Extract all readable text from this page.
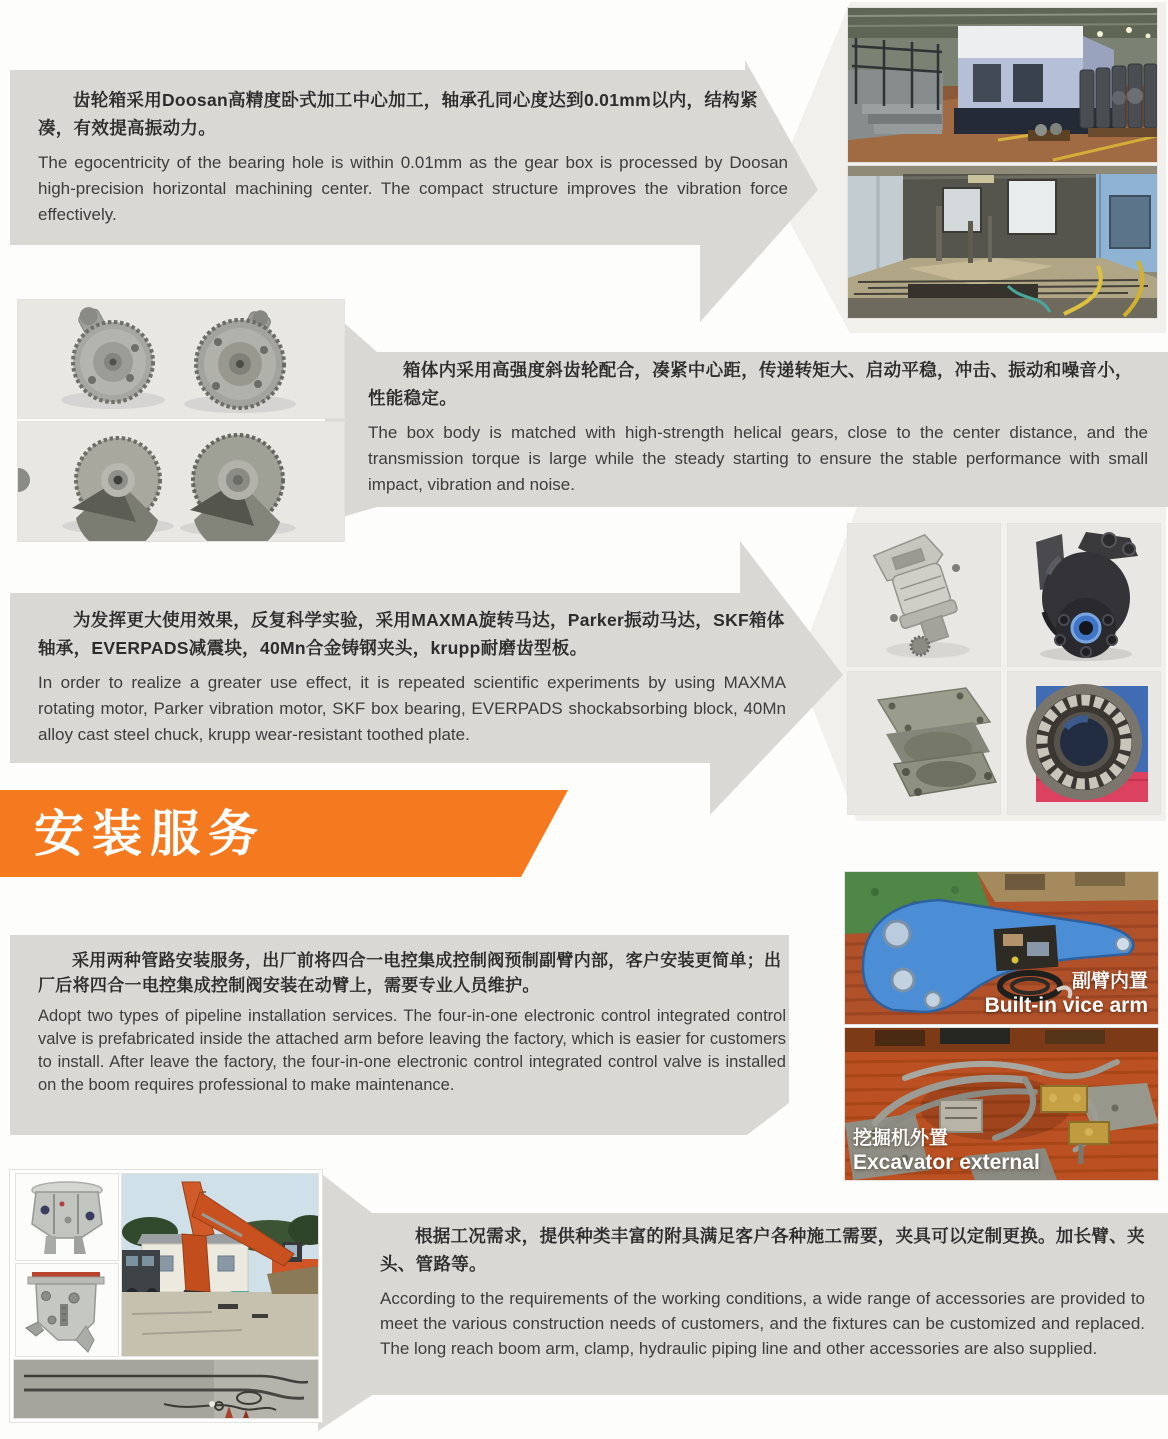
齿轮箱采用Doosan高精度卧式加工中心加工，轴承孔同心度达到0.01mm以内，结构紧凑，有效提高振动力。

The egocentricity of the bearing hole is within 0.01mm as the gear box is processed by Doosan high-precision horizontal machining center. The compact structure improves the vibration force effectively.

箱体内采用高强度斜齿轮配合，凑紧中心距，传递转矩大、启动平稳，冲击、振动和噪音小，性能稳定。

The box body is matched with high-strength helical gears, close to the center distance, and the transmission torque is large while the steady starting to ensure the stable performance with small impact, vibration and noise.

为发挥更大使用效果，反复科学实验，采用MAXMA旋转马达，Parker振动马达，SKF箱体轴承，EVERPADS减震块，40Mn合金铸钢夹头，krupp耐磨齿型板。

In order to realize a greater use effect, it is repeated scientific experiments by using MAXMA rotating motor, Parker vibration motor, SKF box bearing, EVERPADS shockabsorbing block, 40Mn alloy cast steel chuck, krupp wear-resistant toothed plate.

安装服务

采用两种管路安装服务，出厂前将四合一电控集成控制阀预制副臂内部，客户安装更简单；出厂后将四合一电控集成控制阀安装在动臂上，需要专业人员维护。

Adopt two types of pipeline installation services. The four-in-one electronic control integrated control valve is prefabricated inside the attached arm before leaving the factory, which is easier for customers to install. After leave the factory, the four-in-one electronic control integrated control valve is installed on the boom requires professional to make maintenance.

副臂内置
Built-in vice arm
挖掘机外置
Excavator external

根据工况需求，提供种类丰富的附具满足客户各种施工需要，夹具可以定制更换。加长臂、夹头、管路等。

According to the requirements of the working conditions, a wide range of accessories are provided to meet the various construction needs of customers, and the fixtures can be customized and replaced. The long reach boom arm, clamp, hydraulic piping line and other accessories are also supplied.
